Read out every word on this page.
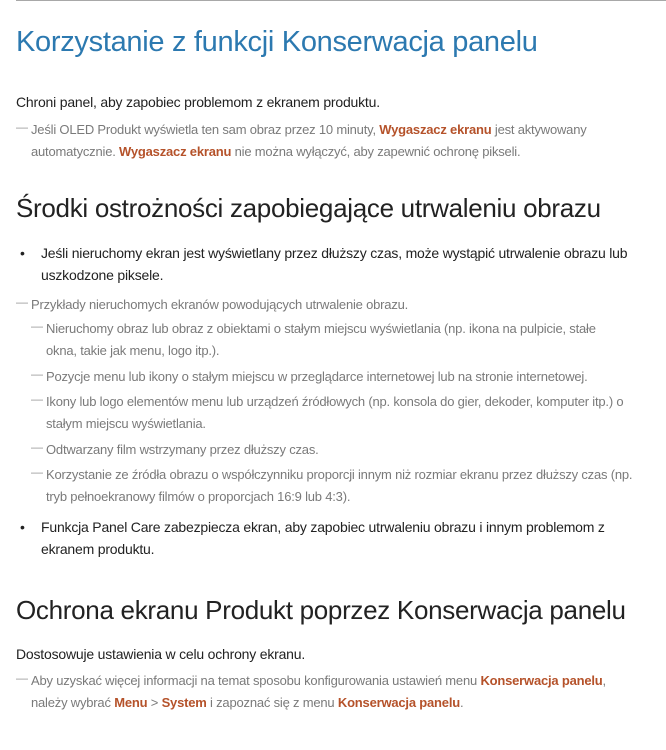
Korzystanie z funkcji Konserwacja panelu
Chroni panel, aby zapobiec problemom z ekranem produktu.
— Jeśli OLED Produkt wyświetla ten sam obraz przez 10 minuty, Wygaszacz ekranu jest aktywowany
automatycznie. Wygaszacz ekranu nie można wyłączyć, aby zapewnić ochronę pikseli.
Środki ostrożności zapobiegające utrwaleniu obrazu
• Jeśli nieruchomy ekran jest wyświetlany przez dłuższy czas, może wystąpić utrwalenie obrazu lub
uszkodzone piksele.
— Przykłady nieruchomych ekranów powodujących utrwalenie obrazu.
— Nieruchomy obraz lub obraz z obiektami o stałym miejscu wyświetlania (np. ikona na pulpicie, stałe
okna, takie jak menu, logo itp.).
— Pozycje menu lub ikony o stałym miejscu w przeglądarce internetowej lub na stronie internetowej.
— Ikony lub logo elementów menu lub urządzeń źródłowych (np. konsola do gier, dekoder, komputer itp.) o
stałym miejscu wyświetlania.
— Odtwarzany film wstrzymany przez dłuższy czas.
— Korzystanie ze źródła obrazu o współczynniku proporcji innym niż rozmiar ekranu przez dłuższy czas (np.
tryb pełnoekranowy filmów o proporcjach 16:9 lub 4:3).
• Funkcja Panel Care zabezpiecza ekran, aby zapobiec utrwaleniu obrazu i innym problemom z
ekranem produktu.
Ochrona ekranu Produkt poprzez Konserwacja panelu
Dostosowuje ustawienia w celu ochrony ekranu.
— Aby uzyskać więcej informacji na temat sposobu konfigurowania ustawień menu Konserwacja panelu,
należy wybrać Menu > System i zapoznać się z menu Konserwacja panelu.
